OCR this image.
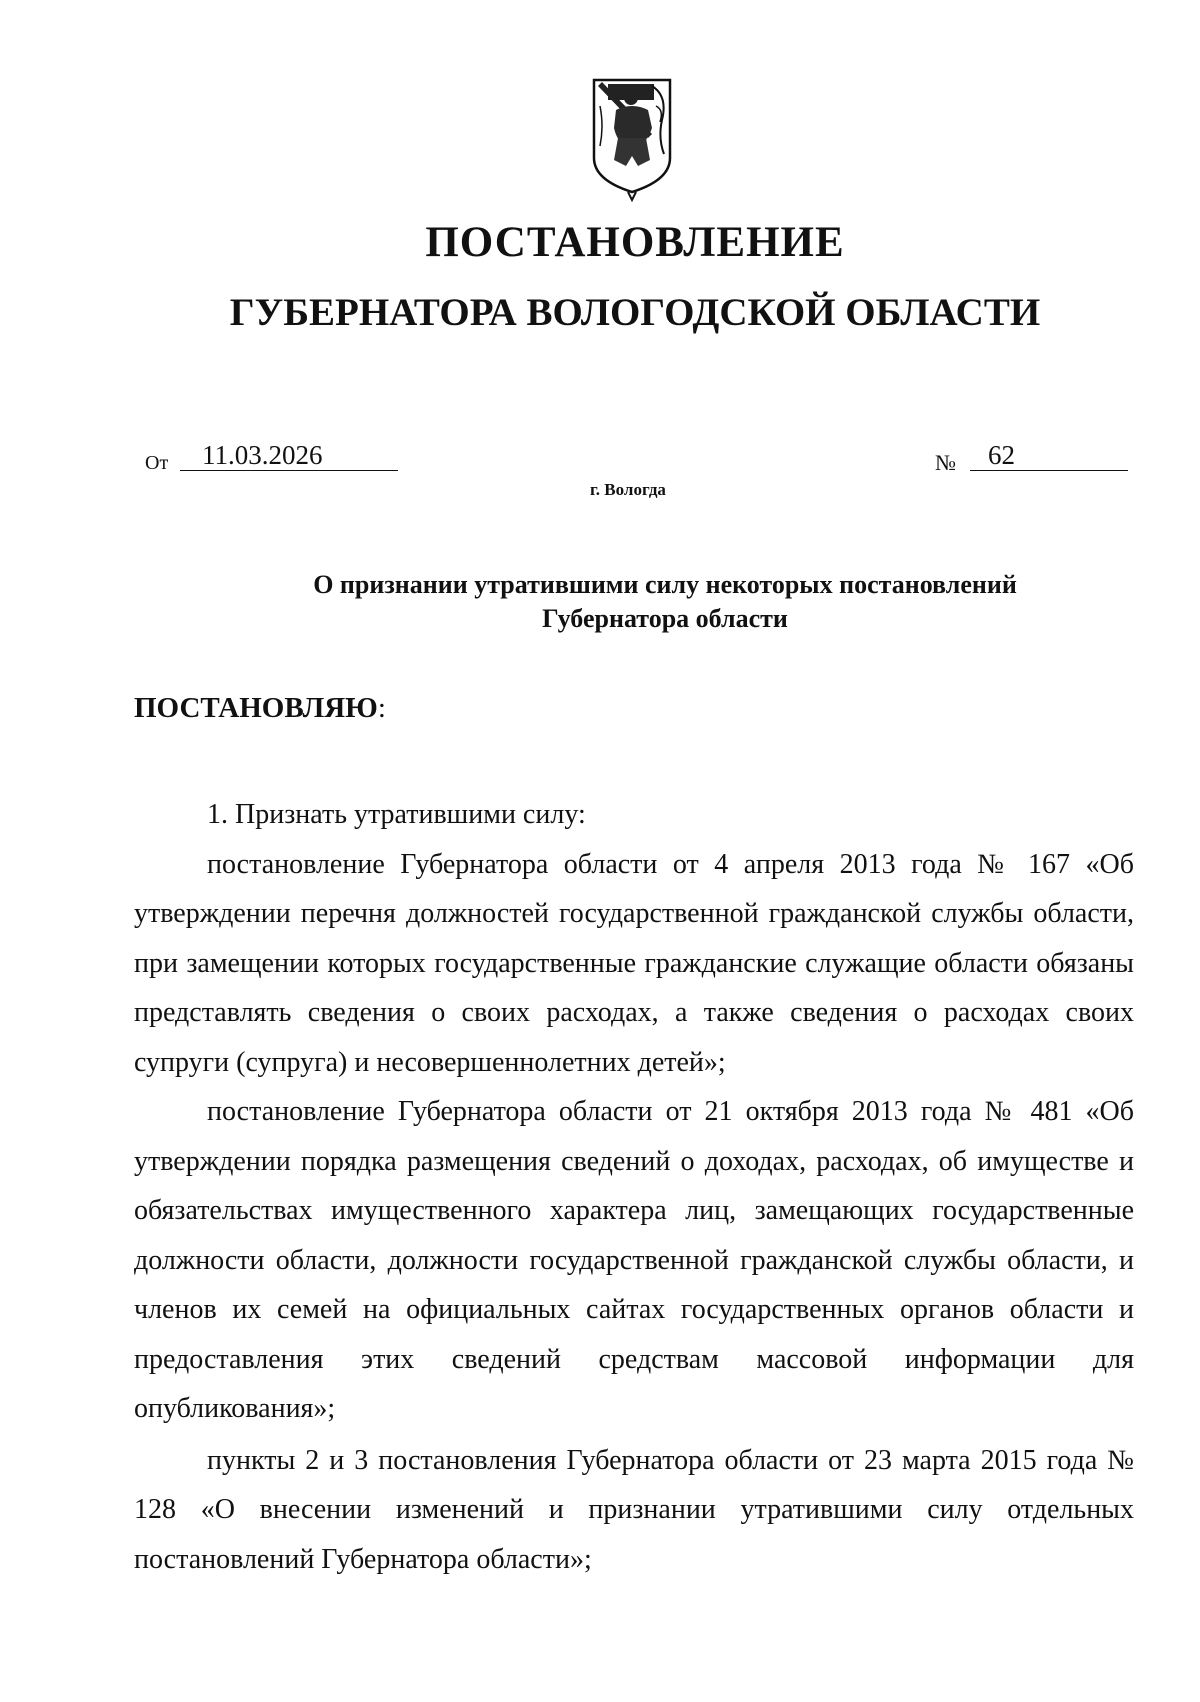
ПОСТАНОВЛЕНИЕ
ГУБЕРНАТОРА ВОЛОГОДСКОЙ ОБЛАСТИ
От	11.03.2026	№	62
г. Вологда
О признании утратившими силу некоторых постановлений
Губернатора области
ПОСТАНОВЛЯЮ:

1. Признать утратившими силу:

постановление Губернатора области от 4 апреля 2013 года № 167 «Об утверждении перечня должностей государственной гражданской службы области, при замещении которых государственные гражданские служащие области обязаны представлять сведения о своих расходах, а также сведения о расходах своих супруги (супруга) и несовершеннолетних детей»;

постановление Губернатора области от 21 октября 2013 года № 481 «Об утверждении порядка размещения сведений о доходах, расходах, об имуществе и обязательствах имущественного характера лиц, замещающих государственные должности области, должности государственной гражданской службы области, и членов их семей на официальных сайтах государственных органов области и предоставления этих сведений средствам массовой информации для опубликования»;

пункты 2 и 3 постановления Губернатора области от 23 марта 2015 года № 128 «О внесении изменений и признании утратившими силу отдельных постановлений Губернатора области»;
